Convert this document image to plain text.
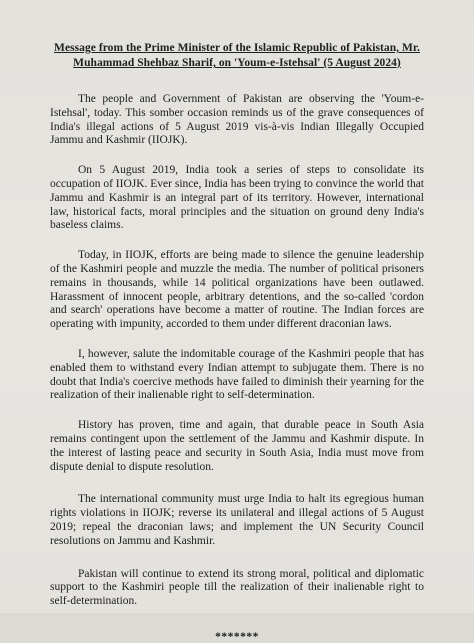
Message from the Prime Minister of the Islamic Republic of Pakistan, Mr.
Muhammad Shehbaz Sharif, on 'Youm-e-Istehsal' (5 August 2024)

The people and Government of Pakistan are observing the 'Youm-e-Istehsal', today. This somber occasion reminds us of the grave consequences of India's illegal actions of 5 August 2019 vis-à-vis Indian Illegally Occupied Jammu and Kashmir (IIOJK).

On 5 August 2019, India took a series of steps to consolidate its occupation of IIOJK. Ever since, India has been trying to convince the world that Jammu and Kashmir is an integral part of its territory. However, international law, historical facts, moral principles and the situation on ground deny India's baseless claims.

Today, in IIOJK, efforts are being made to silence the genuine leadership of the Kashmiri people and muzzle the media. The number of political prisoners remains in thousands, while 14 political organizations have been outlawed. Harassment of innocent people, arbitrary detentions, and the so-called 'cordon and search' operations have become a matter of routine. The Indian forces are operating with impunity, accorded to them under different draconian laws.

I, however, salute the indomitable courage of the Kashmiri people that has enabled them to withstand every Indian attempt to subjugate them. There is no doubt that India's coercive methods have failed to diminish their yearning for the realization of their inalienable right to self-determination.

History has proven, time and again, that durable peace in South Asia remains contingent upon the settlement of the Jammu and Kashmir dispute. In the interest of lasting peace and security in South Asia, India must move from dispute denial to dispute resolution.

The international community must urge India to halt its egregious human rights violations in IIOJK; reverse its unilateral and illegal actions of 5 August 2019; repeal the draconian laws; and implement the UN Security Council resolutions on Jammu and Kashmir.

Pakistan will continue to extend its strong moral, political and diplomatic support to the Kashmiri people till the realization of their inalienable right to self-determination.

*******
